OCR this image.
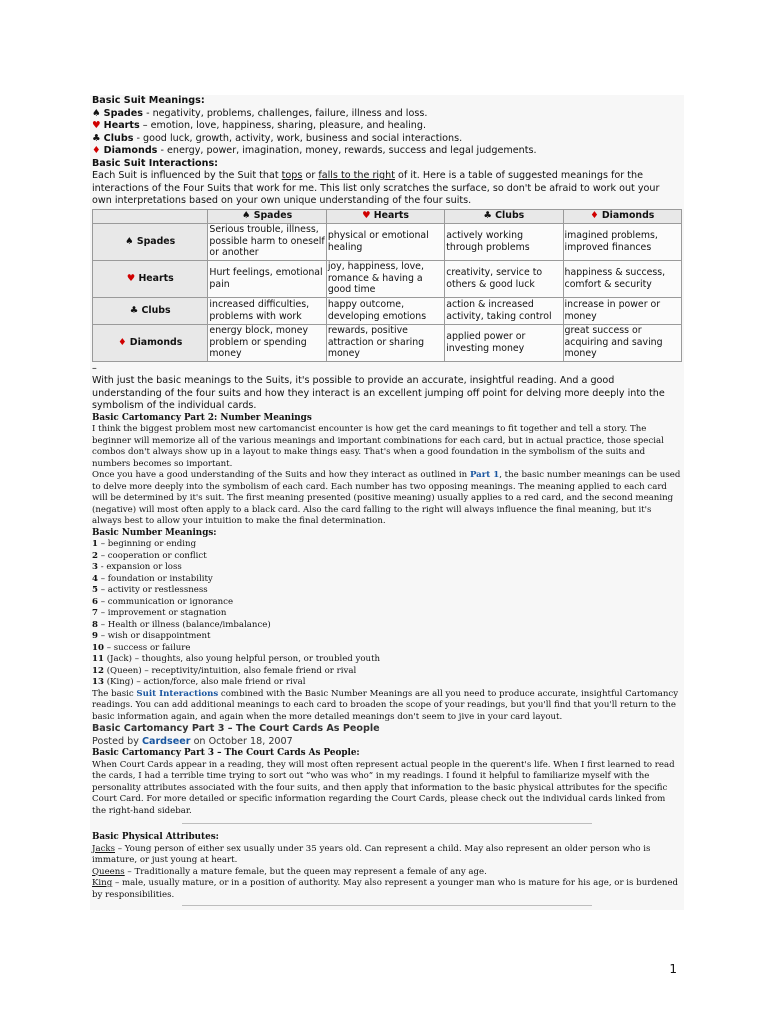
Basic Suit Meanings:
♠ Spades - negativity, problems, challenges, failure, illness and loss.
♥ Hearts – emotion, love, happiness, sharing, pleasure, and healing.
♣ Clubs - good luck, growth, activity, work, business and social interactions.
♦ Diamonds - energy, power, imagination, money, rewards, success and legal judgements.
Basic Suit Interactions:
Each Suit is influenced by the Suit that tops or falls to the right of it. Here is a table of suggested meanings for the interactions of the Four Suits that work for me. This list only scratches the surface, so don't be afraid to work out your own interpretations based on your own unique understanding of the four suits.
	♠ Spades	♥ Hearts	♣ Clubs	♦ Diamonds
♠ Spades	Serious trouble, illness, possible harm to oneself or another	physical or emotional healing	actively working through problems	imagined problems, improved finances
♥ Hearts	Hurt feelings, emotional pain	joy, happiness, love, romance & having a good time	creativity, service to others & good luck	happiness & success, comfort & security
♣ Clubs	increased difficulties, problems with work	happy outcome, developing emotions	action & increased activity, taking control	increase in power or money
♦ Diamonds	energy block, money problem or spending money	rewards, positive attraction or sharing money	applied power or investing money	great success or acquiring and saving money
–
With just the basic meanings to the Suits, it's possible to provide an accurate, insightful reading. And a good understanding of the four suits and how they interact is an excellent jumping off point for delving more deeply into the symbolism of the individual cards.
Basic Cartomancy Part 2: Number Meanings
I think the biggest problem most new cartomancist encounter is how get the card meanings to fit together and tell a story. The beginner will memorize all of the various meanings and important combinations for each card, but in actual practice, those special combos don't always show up in a layout to make things easy. That's when a good foundation in the symbolism of the suits and numbers becomes so important.
Once you have a good understanding of the Suits and how they interact as outlined in Part 1, the basic number meanings can be used to delve more deeply into the symbolism of each card. Each number has two opposing meanings. The meaning applied to each card will be determined by it's suit. The first meaning presented (positive meaning) usually applies to a red card, and the second meaning (negative) will most often apply to a black card. Also the card falling to the right will always influence the final meaning, but it's always best to allow your intuition to make the final determination.
Basic Number Meanings:
1 – beginning or ending
2 – cooperation or conflict
3 - expansion or loss
4 – foundation or instability
5 – activity or restlessness
6 – communication or ignorance
7 – improvement or stagnation
8 – Health or illness (balance/imbalance)
9 – wish or disappointment
10 – success or failure
11 (Jack) – thoughts, also young helpful person, or troubled youth
12 (Queen) – receptivity/intuition, also female friend or rival
13 (King) – action/force, also male friend or rival
The basic Suit Interactions combined with the Basic Number Meanings are all you need to produce accurate, insightful Cartomancy readings. You can add additional meanings to each card to broaden the scope of your readings, but you'll find that you'll return to the basic information again, and again when the more detailed meanings don't seem to jive in your card layout.
Basic Cartomancy Part 3 – The Court Cards As People
Posted by Cardseer on October 18, 2007
Basic Cartomancy Part 3 – The Court Cards As People:
When Court Cards appear in a reading, they will most often represent actual people in the querent's life. When I first learned to read the cards, I had a terrible time trying to sort out “who was who” in my readings. I found it helpful to familiarize myself with the personality attributes associated with the four suits, and then apply that information to the basic physical attributes for the specific Court Card. For more detailed or specific information regarding the Court Cards, please check out the individual cards linked from the right-hand sidebar.
Basic Physical Attributes:
Jacks – Young person of either sex usually under 35 years old. Can represent a child. May also represent an older person who is immature, or just young at heart.
Queens – Traditionally a mature female, but the queen may represent a female of any age.
King – male, usually mature, or in a position of authority. May also represent a younger man who is mature for his age, or is burdened by responsibilities.
1
